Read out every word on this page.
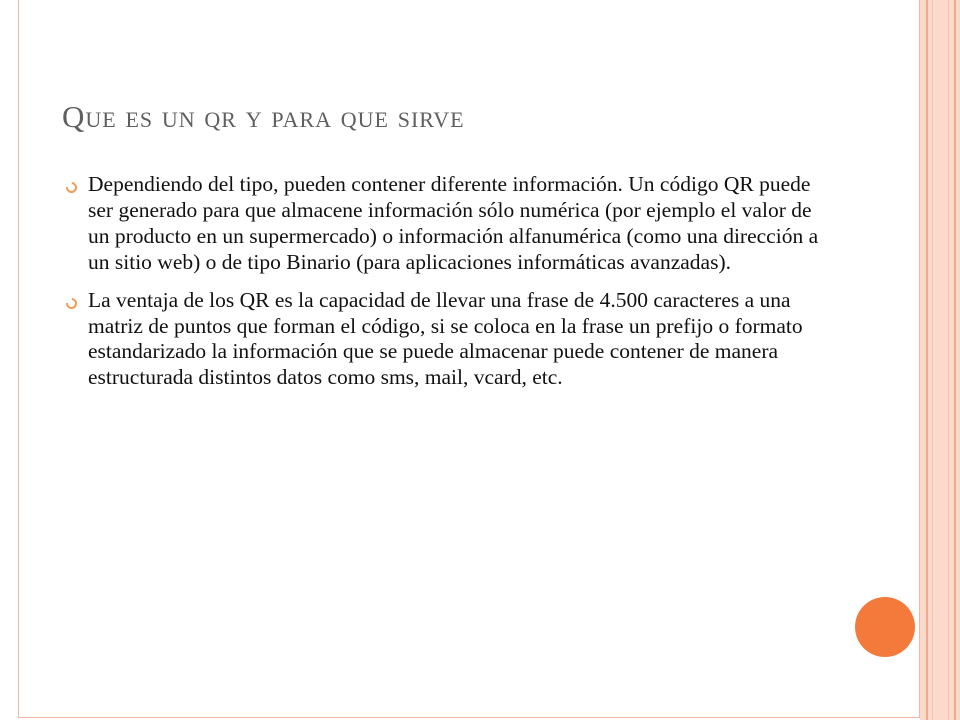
Que es un qr y para que sirve
Dependiendo del tipo, pueden contener diferente información. Un código QR puede ser generado para que almacene información sólo numérica (por ejemplo el valor de un producto en un supermercado) o información alfanumérica (como una dirección a un sitio web) o de tipo Binario (para aplicaciones informáticas avanzadas).
La ventaja de los QR es la capacidad de llevar una frase de 4.500 caracteres a una matriz de puntos que forman el código, si se coloca en la frase un prefijo o formato estandarizado la información que se puede almacenar puede contener de manera estructurada distintos datos como sms, mail, vcard, etc.
